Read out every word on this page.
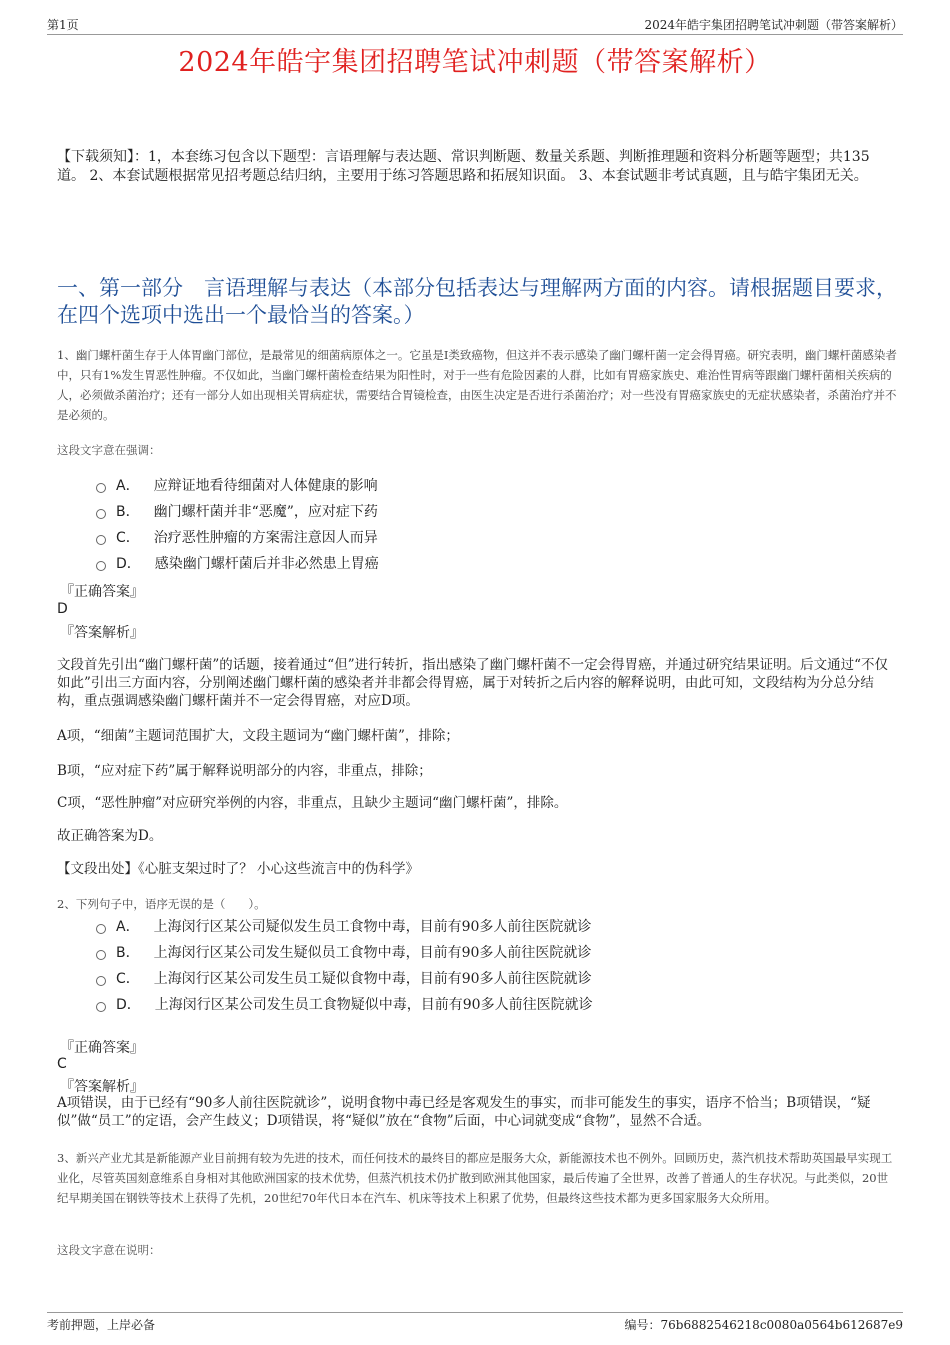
第1页	2024年皓宇集团招聘笔试冲刺题（带答案解析）
2024年皓宇集团招聘笔试冲刺题（带答案解析）
【下载须知】：1，本套练习包含以下题型：言语理解与表达题、常识判断题、数量关系题、判断推理题和资料分析题等题型；共135道。 2、本套试题根据常见招考题总结归纳，主要用于练习答题思路和拓展知识面。 3、本套试题非考试真题，且与皓宇集团无关。
一、第一部分　言语理解与表达（本部分包括表达与理解两方面的内容。请根据题目要求，在四个选项中选出一个最恰当的答案。）
1、幽门螺杆菌生存于人体胃幽门部位，是最常见的细菌病原体之一。它虽是I类致癌物，但这并不表示感染了幽门螺杆菌一定会得胃癌。研究表明，幽门螺杆菌感染者中，只有1%发生胃恶性肿瘤。不仅如此，当幽门螺杆菌检查结果为阳性时，对于一些有危险因素的人群，比如有胃癌家族史、难治性胃病等跟幽门螺杆菌相关疾病的人，必须做杀菌治疗；还有一部分人如出现相关胃病症状，需要结合胃镜检查，由医生决定是否进行杀菌治疗；对一些没有胃癌家族史的无症状感染者，杀菌治疗并不是必须的。
这段文字意在强调：
A． 应辩证地看待细菌对人体健康的影响
B． 幽门螺杆菌并非“恶魔”，应对症下药
C． 治疗恶性肿瘤的方案需注意因人而异
D． 感染幽门螺杆菌后并非必然患上胃癌
『正确答案』
D
『答案解析』
文段首先引出“幽门螺杆菌”的话题，接着通过“但”进行转折，指出感染了幽门螺杆菌不一定会得胃癌，并通过研究结果证明。后文通过“不仅如此”引出三方面内容，分别阐述幽门螺杆菌的感染者并非都会得胃癌，属于对转折之后内容的解释说明，由此可知，文段结构为分总分结构，重点强调感染幽门螺杆菌并不一定会得胃癌，对应D项。
A项，“细菌”主题词范围扩大，文段主题词为“幽门螺杆菌”，排除；
B项，“应对症下药”属于解释说明部分的内容，非重点，排除；
C项，“恶性肿瘤”对应研究举例的内容，非重点，且缺少主题词“幽门螺杆菌”，排除。
故正确答案为D。
【文段出处】《心脏支架过时了？ 小心这些流言中的伪科学》
2、下列句子中，语序无误的是（　　）。
A． 上海闵行区某公司疑似发生员工食物中毒，目前有90多人前往医院就诊
B． 上海闵行区某公司发生疑似员工食物中毒，目前有90多人前往医院就诊
C． 上海闵行区某公司发生员工疑似食物中毒，目前有90多人前往医院就诊
D． 上海闵行区某公司发生员工食物疑似中毒，目前有90多人前往医院就诊
『正确答案』
C
『答案解析』
A项错误，由于已经有“90多人前往医院就诊”，说明食物中毒已经是客观发生的事实，而非可能发生的事实，语序不恰当；B项错误，“疑似”做“员工”的定语，会产生歧义；D项错误，将“疑似”放在“食物”后面，中心词就变成“食物”，显然不合适。
3、新兴产业尤其是新能源产业目前拥有较为先进的技术，而任何技术的最终目的都应是服务大众，新能源技术也不例外。回顾历史，蒸汽机技术帮助英国最早实现工业化，尽管英国刻意维系自身相对其他欧洲国家的技术优势，但蒸汽机技术仍扩散到欧洲其他国家，最后传遍了全世界，改善了普通人的生存状况。与此类似，20世纪早期美国在钢铁等技术上获得了先机，20世纪70年代日本在汽车、机床等技术上积累了优势，但最终这些技术都为更多国家服务大众所用。
这段文字意在说明：
考前押题，上岸必备	编号：76b6882546218c0080a0564b612687e9
